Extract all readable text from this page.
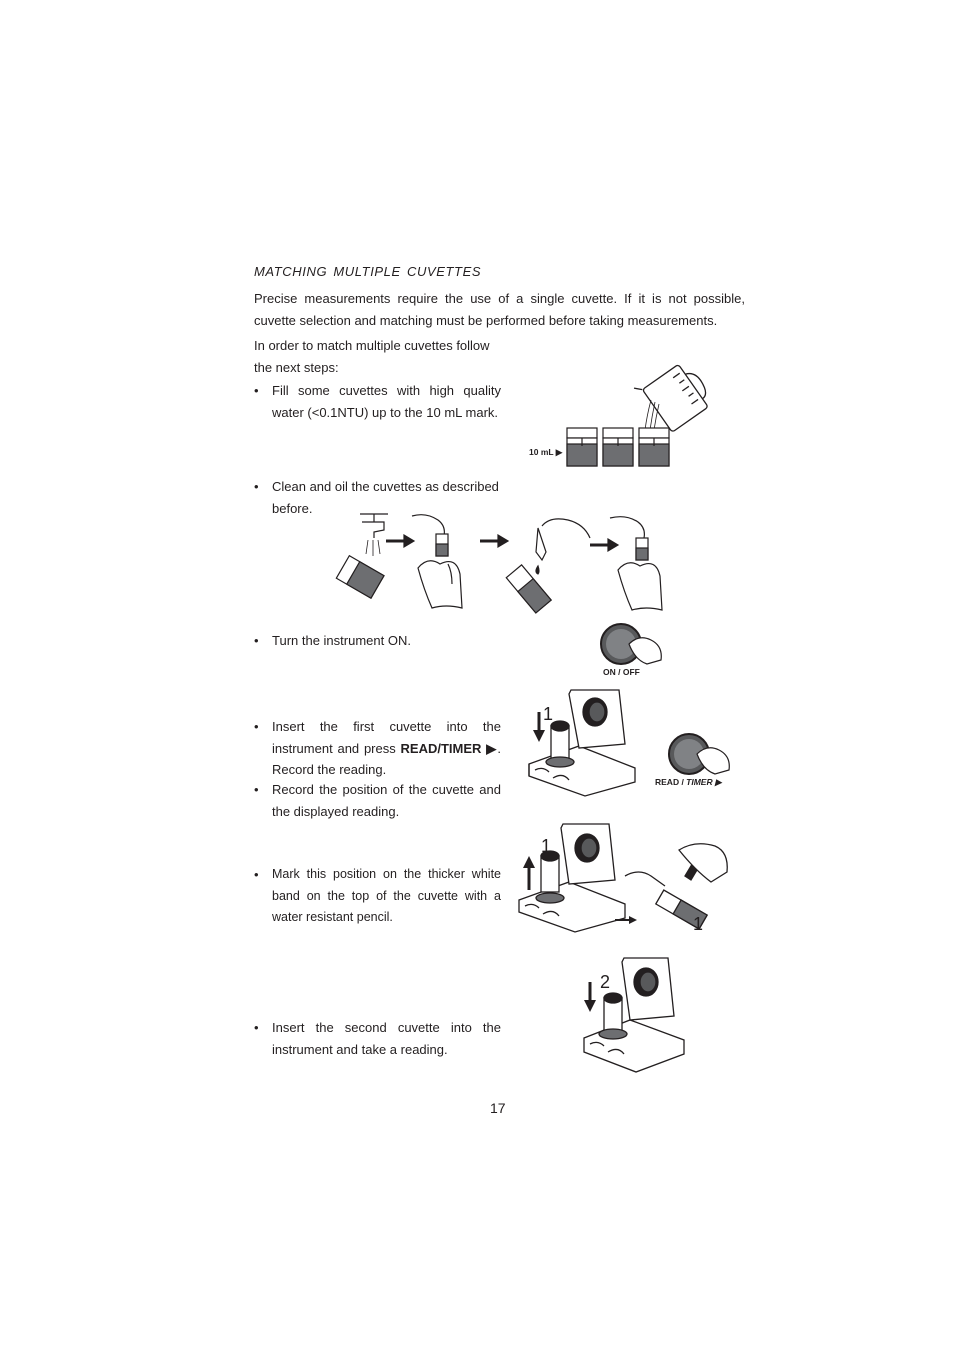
MATCHING MULTIPLE CUVETTES
Precise measurements require the use of a single cuvette. If it is not possible, cuvette selection and matching must be performed before taking measurements.
In order to match multiple cuvettes follow the next steps:
• Fill some cuvettes with high quality water (<0.1NTU) up to the 10 mL mark.
• Clean and oil the cuvettes as described before.
• Turn the instrument ON.
• Insert the first cuvette into the instrument and press READ/TIMER ▶. Record the reading.
• Record the position of the cuvette and the displayed reading.
• Mark this position on the thicker white band on the top of the cuvette with a water resistant pencil.
• Insert the second cuvette into the instrument and take a reading.
17
10 mL ▶
ON / OFF
1
READ / TIMER ▶
1
1
2
